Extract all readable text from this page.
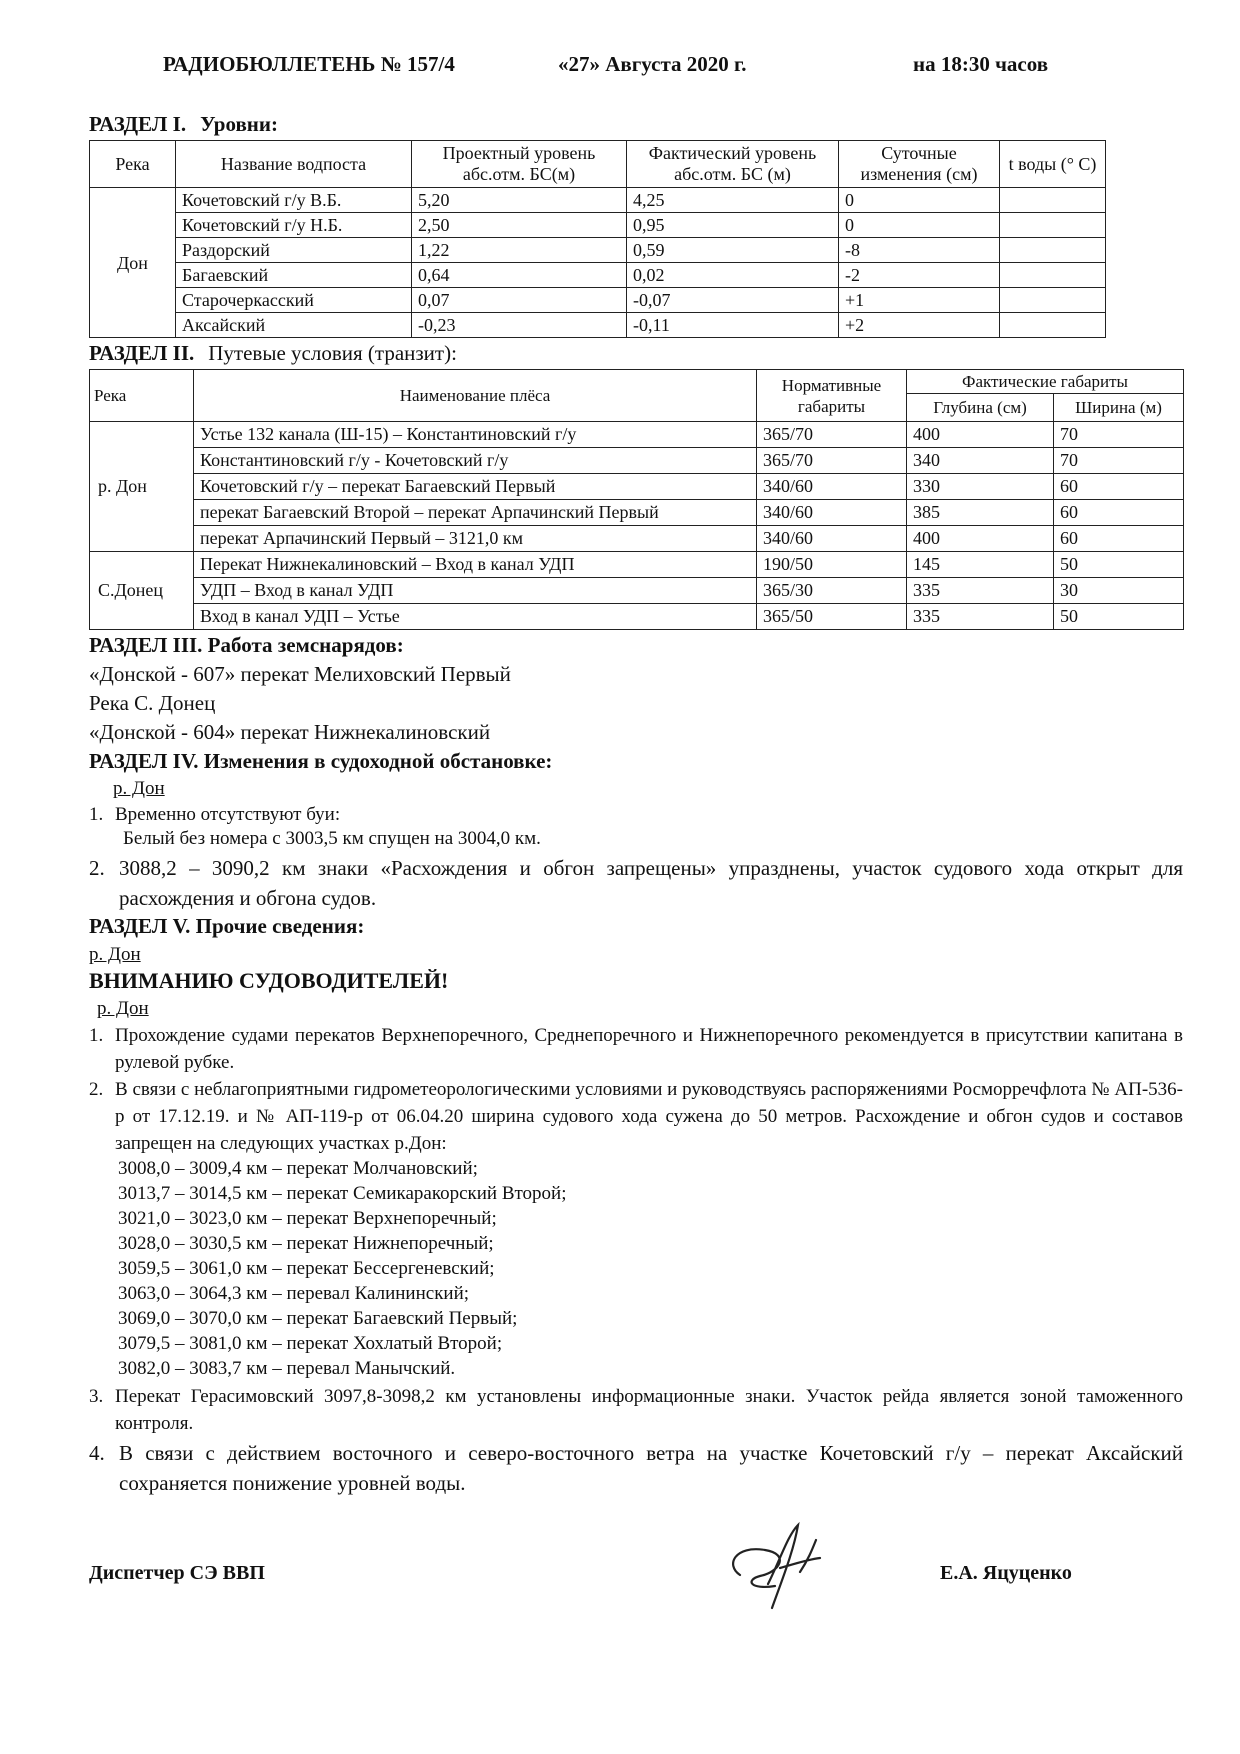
РАДИОБЮЛЛЕТЕНЬ № 157/4	«27» Августа 2020 г.	на 18:30 часов
РАЗДЕЛ I. Уровни:
Река	Название водпоста	Проектный уровень абс.отм. БС(м)	Фактический уровень абс.отм. БС (м)	Суточные изменения (см)	t воды (° С)
Дон	Кочетовский г/у В.Б.	5,20	4,25	0	
	Кочетовский г/у Н.Б.	2,50	0,95	0	
	Раздорский	1,22	0,59	-8	
	Багаевский	0,64	0,02	-2	
	Старочеркасский	0,07	-0,07	+1	
	Аксайский	-0,23	-0,11	+2	
РАЗДЕЛ II. Путевые условия (транзит):
Река	Наименование плёса	Нормативные габариты	Фактические габариты	
			Глубина (см)	Ширина (м)
р. Дон	Устье 132 канала (Ш-15) – Константиновский г/у	365/70	400	70
	Константиновский г/у - Кочетовский г/у	365/70	340	70
	Кочетовский г/у – перекат Багаевский Первый	340/60	330	60
	перекат Багаевский Второй – перекат Арпачинский Первый	340/60	385	60
	перекат Арпачинский Первый – 3121,0 км	340/60	400	60
С.Донец	Перекат Нижнекалиновский – Вход в канал УДП	190/50	145	50
	УДП – Вход в канал УДП	365/30	335	30
	Вход в канал УДП – Устье	365/50	335	50
РАЗДЕЛ III. Работа земснарядов:
«Донской - 607» перекат Мелиховский Первый
Река С. Донец
«Донской - 604» перекат Нижнекалиновский
РАЗДЕЛ IV. Изменения в судоходной обстановке:
р. Дон
1. Временно отсутствуют буи:
Белый без номера с 3003,5 км спущен на 3004,0 км.
2. 3088,2 – 3090,2 км знаки «Расхождения и обгон запрещены» упразднены, участок судового хода открыт для расхождения и обгона судов.
РАЗДЕЛ V. Прочие сведения:
р. Дон
ВНИМАНИЮ СУДОВОДИТЕЛЕЙ!
р. Дон
1. Прохождение судами перекатов Верхнепоречного, Среднепоречного и Нижнепоречного рекомендуется в присутствии капитана в рулевой рубке.
2. В связи с неблагоприятными гидрометеорологическими условиями и руководствуясь распоряжениями Росморречфлота № АП-536-р от 17.12.19. и № АП-119-р от 06.04.20 ширина судового хода сужена до 50 метров. Расхождение и обгон судов и составов запрещен на следующих участках р.Дон:
3008,0 – 3009,4 км – перекат Молчановский;
3013,7 – 3014,5 км – перекат Семикаракорский Второй;
3021,0 – 3023,0 км – перекат Верхнепоречный;
3028,0 – 3030,5 км – перекат Нижнепоречный;
3059,5 – 3061,0 км – перекат Бессергеневский;
3063,0 – 3064,3 км – перевал Калининский;
3069,0 – 3070,0 км – перекат Багаевский Первый;
3079,5 – 3081,0 км – перекат Хохлатый Второй;
3082,0 – 3083,7 км – перевал Манычский.
3. Перекат Герасимовский 3097,8-3098,2 км установлены информационные знаки. Участок рейда является зоной таможенного контроля.
4. В связи с действием восточного и северо-восточного ветра на участке Кочетовский г/у – перекат Аксайский сохраняется понижение уровней воды.
Диспетчер СЭ ВВП	Е.А. Яцуценко
